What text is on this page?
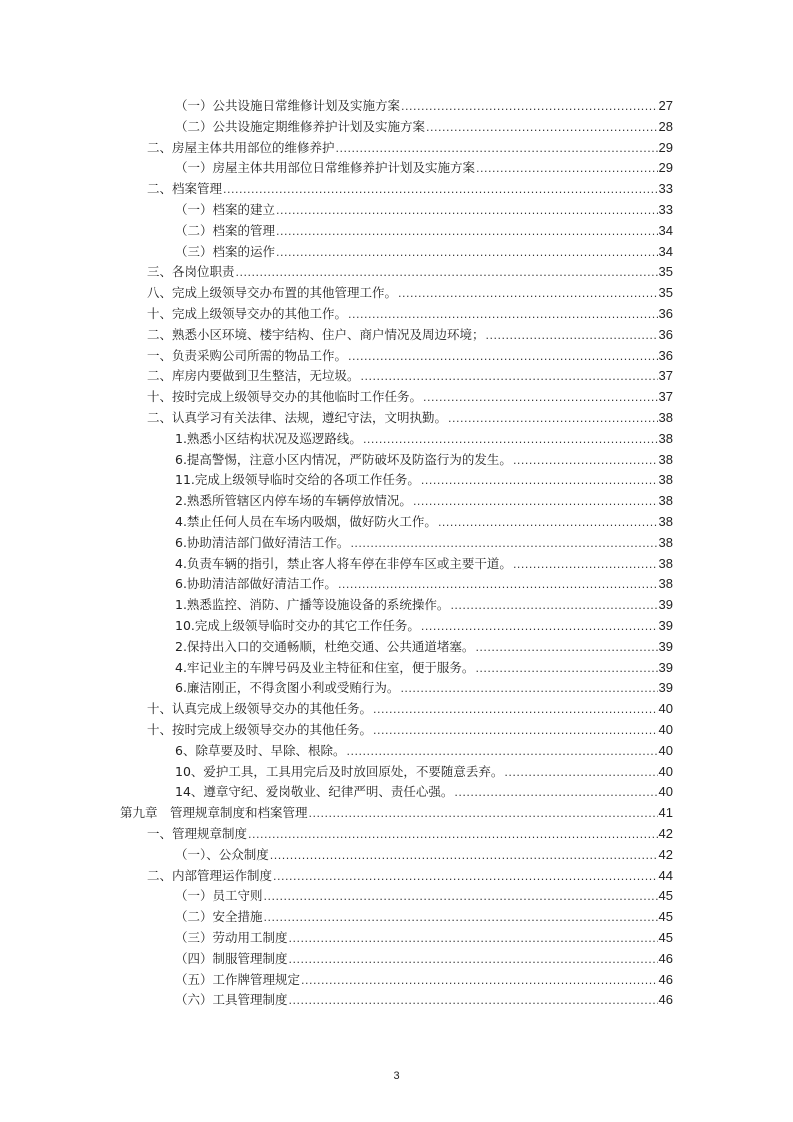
（一）公共设施日常维修计划及实施方案 .....	27
（二）公共设施定期维修养护计划及实施方案 .....	28
二、房屋主体共用部位的维修养护 .....	29
（一）房屋主体共用部位日常维修养护计划及实施方案 .....	29
二、档案管理 .....	33
（一）档案的建立 .....	33
（二）档案的管理 .....	34
（三）档案的运作 .....	34
三、各岗位职责 .....	35
八、完成上级领导交办布置的其他管理工作。 .....	35
十、完成上级领导交办的其他工作。 .....	36
二、熟悉小区环境、楼宇结构、住户、商户情况及周边环境； .....	36
一、负责采购公司所需的物品工作。 .....	36
二、库房内要做到卫生整洁，无垃圾。 .....	37
十、按时完成上级领导交办的其他临时工作任务。 .....	37
二、认真学习有关法律、法规，遵纪守法，文明执勤。 .....	38
1.熟悉小区结构状况及巡逻路线。 .....	38
6.提高警惕，注意小区内情况，严防破坏及防盗行为的发生。 .....	38
11.完成上级领导临时交给的各项工作任务。 .....	38
2.熟悉所管辖区内停车场的车辆停放情况。 .....	38
4.禁止任何人员在车场内吸烟，做好防火工作。 .....	38
6.协助清洁部门做好清洁工作。 .....	38
4.负责车辆的指引，禁止客人将车停在非停车区或主要干道。 .....	38
6.协助清洁部做好清洁工作。 .....	38
1.熟悉监控、消防、广播等设施设备的系统操作。 .....	39
10.完成上级领导临时交办的其它工作任务。 .....	39
2.保持出入口的交通畅顺，杜绝交通、公共通道堵塞。 .....	39
4.牢记业主的车牌号码及业主特征和住室，便于服务。 .....	39
6.廉洁刚正，不得贪图小利或受贿行为。 .....	39
十、认真完成上级领导交办的其他任务。 .....	40
十、按时完成上级领导交办的其他任务。 .....	40
6、除草要及时、早除、根除。 .....	40
10、爱护工具，工具用完后及时放回原处，不要随意丢弃。 .....	40
14、遵章守纪、爱岗敬业、纪律严明、责任心强。 .....	40
第九章　管理规章制度和档案管理 .....	41
一、管理规章制度 .....	42
（一）、公众制度 .....	42
二、内部管理运作制度 .....	44
（一）员工守则 .....	45
（二）安全措施 .....	45
（三）劳动用工制度 .....	45
（四）制服管理制度 .....	46
（五）工作牌管理规定 .....	46
（六）工具管理制度 .....	46
3
